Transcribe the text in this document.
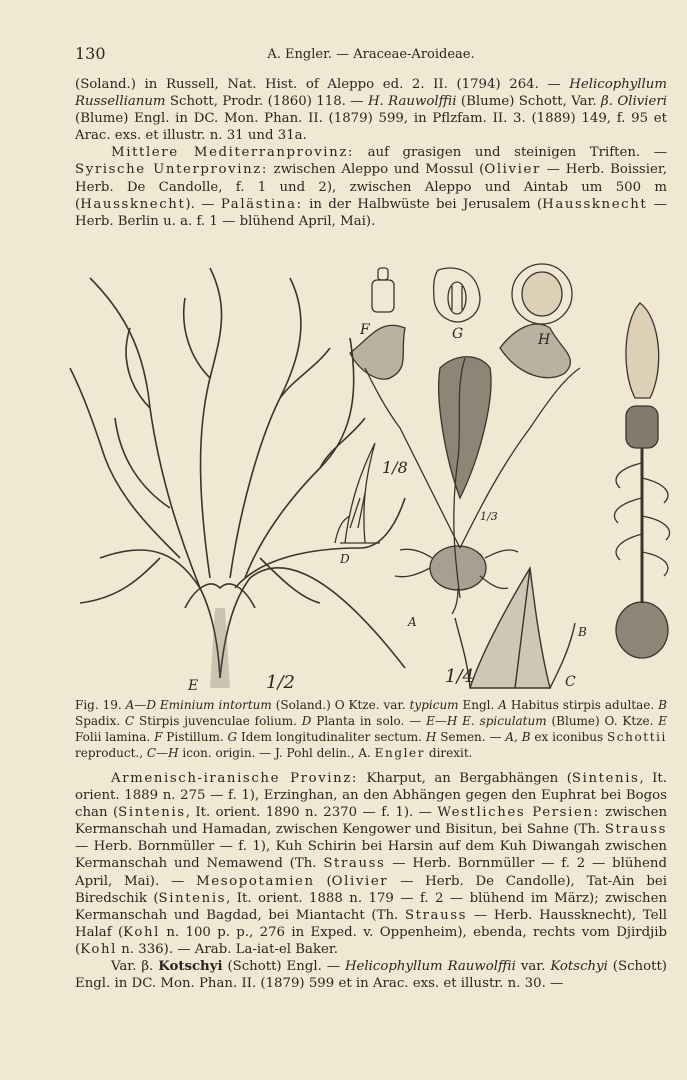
130	A. Engler. — Araceae-Aroideae.

(Soland.) in Russell, Nat. Hist. of Aleppo ed. 2. II. (1794) 264. — Helicophyllum Russellianum Schott, Prodr. (1860) 118. — H. Rauwolffii (Blume) Schott, Var. β. Olivieri (Blume) Engl. in DC. Mon. Phan. II. (1879) 599, in Pflzfam. II. 3. (1889) 149, f. 95 et Arac. exs. et illustr. n. 31 und 31a.

Mittlere Mediterranprovinz: auf grasigen und steinigen Triften. — Syrische Unterprovinz: zwischen Aleppo und Mossul (Olivier — Herb. Boissier, Herb. De Candolle, f. 1 und 2), zwischen Aleppo und Aintab um 500 m (Haussknecht). — Palästina: in der Halbwüste bei Jerusalem (Haussknecht — Herb. Berlin u. a. f. 1 — blühend April, Mai).

F	G	H
A
1/3
B
C
1/4
D
1/8
E	1/2

Fig. 19. A—D Eminium intortum (Soland.) O Ktze. var. typicum Engl. A Habitus stirpis adultae. B Spadix. C Stirpis juvenculae folium. D Planta in solo. — E—H E. spiculatum (Blume) O. Ktze. E Folii lamina. F Pistillum. G Idem longitudinaliter sectum. H Semen. — A, B ex iconibus Schottii reproduct., C—H icon. origin. — J. Pohl delin., A. Engler direxit.

Armenisch-iranische Provinz: Kharput, an Bergabhängen (Sintenis, It. orient. 1889 n. 275 — f. 1), Erzinghan, an den Abhängen gegen den Euphrat bei Bogos chan (Sintenis, It. orient. 1890 n. 2370 — f. 1). — Westliches Persien: zwischen Kermanschah und Hamadan, zwischen Kengower und Bisitun, bei Sahne (Th. Strauss — Herb. Bornmüller — f. 1), Kuh Schirin bei Harsin auf dem Kuh Diwangah zwischen Kermanschah und Nemawend (Th. Strauss — Herb. Bornmüller — f. 2 — blühend April, Mai). — Mesopotamien (Olivier — Herb. De Candolle), Tat-Ain bei Biredschik (Sintenis, It. orient. 1888 n. 179 — f. 2 — blühend im März); zwischen Kermanschah und Bagdad, bei Miantacht (Th. Strauss — Herb. Haussknecht), Tell Halaf (Kohl n. 100 p. p., 276 in Exped. v. Oppenheim), ebenda, rechts vom Djirdjib (Kohl n. 336). — Arab. La-iat-el Baker.

Var. β. Kotschyi (Schott) Engl. — Helicophyllum Rauwolffii var. Kotschyi (Schott) Engl. in DC. Mon. Phan. II. (1879) 599 et in Arac. exs. et illustr. n. 30. —
